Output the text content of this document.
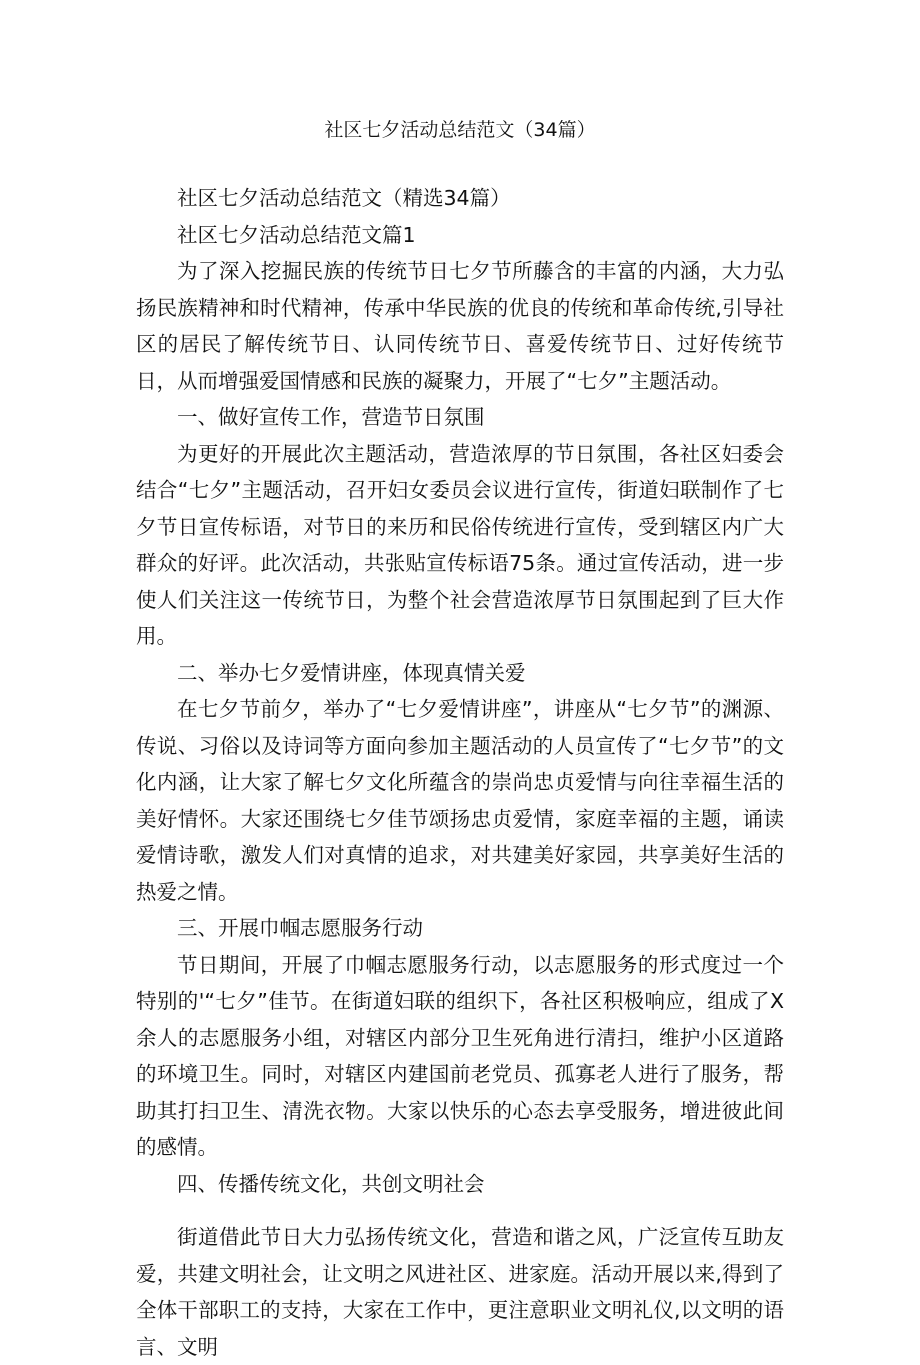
社区七夕活动总结范文（34篇）

社区七夕活动总结范文（精选34篇）

社区七夕活动总结范文篇1

为了深入挖掘民族的传统节日七夕节所藤含的丰富的内涵，大力弘扬民族精神和时代精神，传承中华民族的优良的传统和革命传统,引导社区的居民了解传统节日、认同传统节日、喜爱传统节日、过好传统节日，从而增强爱国情感和民族的凝聚力，开展了“七夕”主题活动。

一、做好宣传工作，营造节日氛围

为更好的开展此次主题活动，营造浓厚的节日氛围，各社区妇委会结合“七夕”主题活动，召开妇女委员会议进行宣传，街道妇联制作了七夕节日宣传标语，对节日的来历和民俗传统进行宣传，受到辖区内广大群众的好评。此次活动，共张贴宣传标语75条。通过宣传活动，进一步使人们关注这一传统节日，为整个社会营造浓厚节日氛围起到了巨大作用。

二、举办七夕爱情讲座，体现真情关爱

在七夕节前夕，举办了“七夕爱情讲座”，讲座从“七夕节”的渊源、传说、习俗以及诗词等方面向参加主题活动的人员宣传了“七夕节”的文化内涵，让大家了解七夕文化所蕴含的崇尚忠贞爱情与向往幸福生活的美好情怀。大家还围绕七夕佳节颂扬忠贞爱情，家庭幸福的主题，诵读爱情诗歌，激发人们对真情的追求，对共建美好家园，共享美好生活的热爱之情。

三、开展巾帼志愿服务行动

节日期间，开展了巾帼志愿服务行动，以志愿服务的形式度过一个特别的'“七夕”佳节。在街道妇联的组织下，各社区积极响应，组成了X余人的志愿服务小组，对辖区内部分卫生死角进行清扫，维护小区道路的环境卫生。同时，对辖区内建国前老党员、孤寡老人进行了服务，帮助其打扫卫生、清洗衣物。大家以快乐的心态去享受服务，增进彼此间的感情。

四、传播传统文化，共创文明社会

街道借此节日大力弘扬传统文化，营造和谐之风，广泛宣传互助友爱，共建文明社会，让文明之风进社区、进家庭。活动开展以来,得到了全体干部职工的支持，大家在工作中，更注意职业文明礼仪,以文明的语言、文明
